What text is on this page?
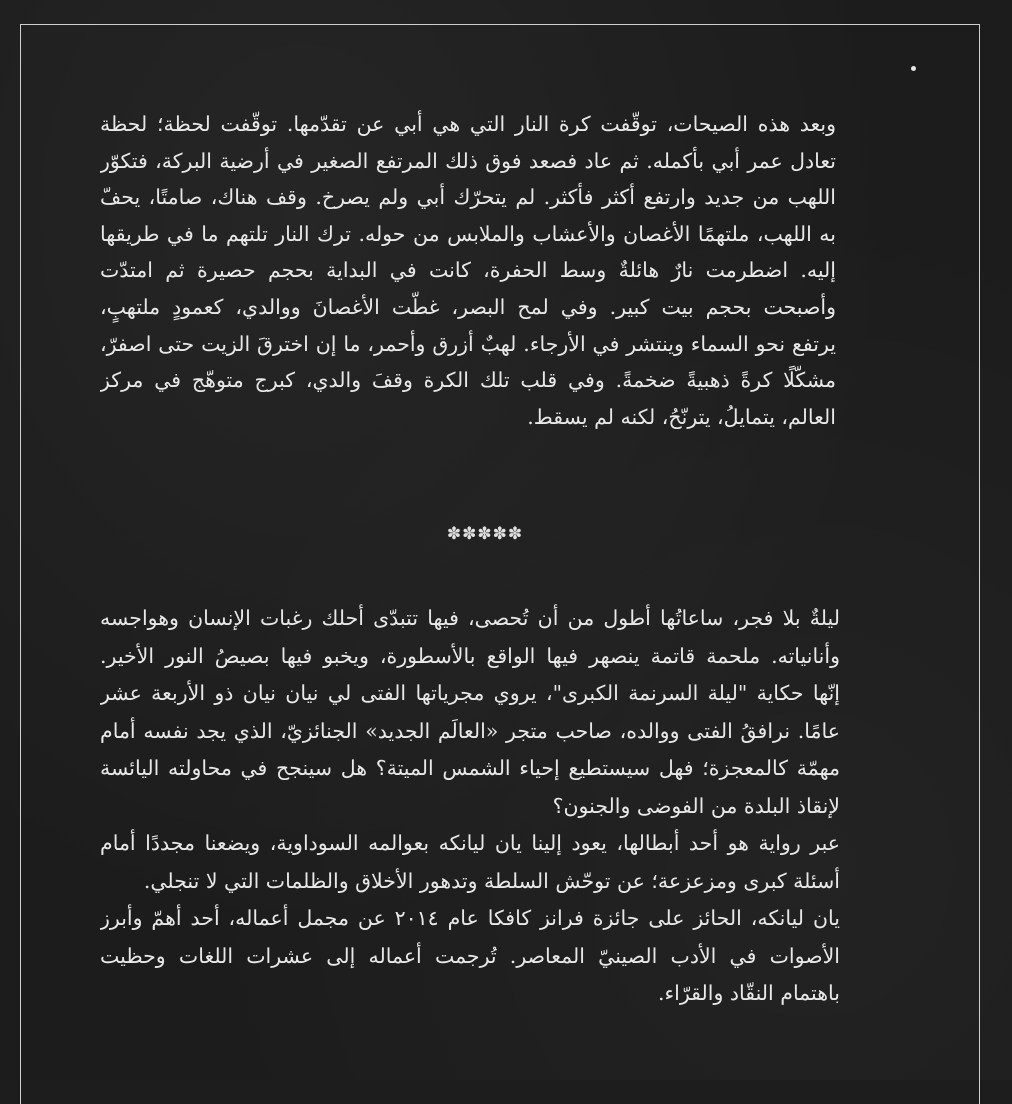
وبعد هذه الصيحات، توقّفت كرة النار التي هي أبي عن تقدّمها. توقّفت لحظة؛ لحظة
تعادل عمر أبي بأكمله. ثم عاد فصعد فوق ذلك المرتفع الصغير في أرضية البركة، فتكوّر
اللهب من جديد وارتفع أكثر فأكثر. لم يتحرّك أبي ولم يصرخ. وقف هناك، صامتًا، يحفّ
به اللهب، ملتهمًا الأغصان والأعشاب والملابس من حوله. ترك النار تلتهم ما في طريقها
إليه. اضطرمت نارٌ هائلةٌ وسط الحفرة، كانت في البداية بحجم حصيرة ثم امتدّت
وأصبحت بحجم بيت كبير. وفي لمح البصر، غطّت الأغصانَ ووالدي، كعمودٍ ملتهبٍ،
يرتفع نحو السماء وينتشر في الأرجاء. لهبٌ أزرق وأحمر، ما إن اخترقَ الزيت حتى اصفرّ،
مشكّلًا كرةً ذهبيةً ضخمةً. وفي قلب تلك الكرة وقفَ والدي، كبرج متوهّج في مركز
العالم، يتمايلُ، يترنّحُ، لكنه لم يسقط.
✽✽✽✽✽
ليلةٌ بلا فجر، ساعاتُها أطول من أن تُحصى، فيها تتبدّى أحلك رغبات الإنسان وهواجسه
وأنانياته. ملحمة قاتمة ينصهر فيها الواقع بالأسطورة، ويخبو فيها بصيصُ النور الأخير.
إنّها حكاية "ليلة السرنمة الكبرى"، يروي مجرياتها الفتى لي نيان نيان ذو الأربعة عشر
عامًا. نرافقُ الفتى ووالده، صاحب متجر «العالَم الجديد» الجنائزيّ، الذي يجد نفسه أمام
مهمّة كالمعجزة؛ فهل سيستطيع إحياء الشمس الميتة؟ هل سينجح في محاولته اليائسة
لإنقاذ البلدة من الفوضى والجنون؟
عبر رواية هو أحد أبطالها، يعود إلينا يان ليانكه بعوالمه السوداوية، ويضعنا مجددًا أمام
أسئلة كبرى ومزعزعة؛ عن توحّش السلطة وتدهور الأخلاق والظلمات التي لا تنجلي.
يان ليانكه، الحائز على جائزة فرانز كافكا عام ٢٠١٤ عن مجمل أعماله، أحد أهمّ وأبرز
الأصوات في الأدب الصينيّ المعاصر. تُرجمت أعماله إلى عشرات اللغات وحظيت
باهتمام النقّاد والقرّاء.
